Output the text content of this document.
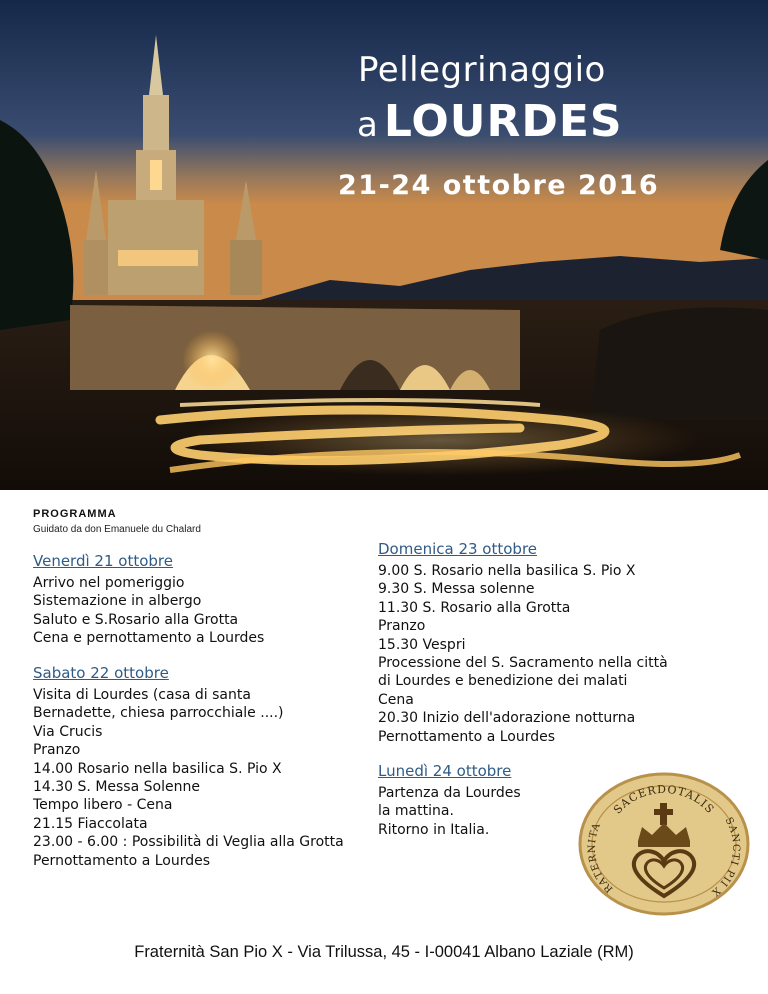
Pellegrinaggio
a LOURDES
21-24 ottobre 2016
PROGRAMMA
Guidato da don Emanuele du Chalard
Venerdì 21 ottobre
Arrivo nel pomeriggio
Sistemazione in albergo
Saluto e S.Rosario alla Grotta
Cena e pernottamento a Lourdes
Sabato 22 ottobre
Visita di Lourdes (casa di santa
Bernadette, chiesa parrocchiale ....)
Via Crucis
Pranzo
14.00 Rosario nella basilica S. Pio X
14.30 S. Messa Solenne
Tempo libero - Cena
21.15 Fiaccolata
23.00 - 6.00 : Possibilità di Veglia alla Grotta
Pernottamento a Lourdes
Domenica 23 ottobre
9.00 S. Rosario nella basilica S. Pio X
9.30 S. Messa solenne
11.30 S. Rosario alla Grotta
Pranzo
15.30 Vespri
Processione del S. Sacramento nella città
di Lourdes e benedizione dei malati
Cena
20.30 Inizio dell'adorazione notturna
Pernottamento a Lourdes
Lunedì 24 ottobre
Partenza da Lourdes
la mattina.
Ritorno in Italia.
SACERDOTALIS
RATERNITA	SANCTI PII X
Fraternità San Pio X - Via Trilussa, 45 - I-00041 Albano Laziale (RM)
